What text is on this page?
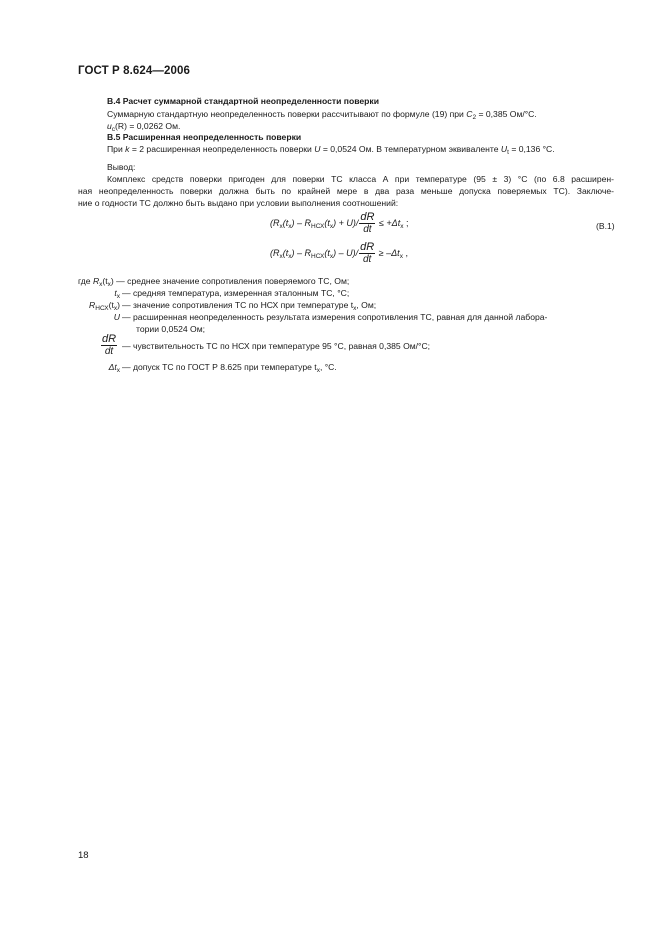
ГОСТ Р 8.624—2006
В.4 Расчет суммарной стандартной неопределенности поверки
Суммарную стандартную неопределенность поверки рассчитывают по формуле (19) при $C_2 = 0,385$ Ом/°С.
$u_c(R) = 0,0262$ Ом.
В.5 Расширенная неопределенность поверки
При k = 2 расширенная неопределенность поверки U = 0,0524 Ом. В температурном эквиваленте $U_t = 0,136$ °С.
Вывод:
Комплекс средств поверки пригоден для поверки ТС класса А при температуре (95 ± 3) °С (по 6.8 расширен-
ная неопределенность поверки должна быть по крайней мере в два раза меньше допуска поверяемых ТС). Заключе-
ние о годности ТС должно быть выдано при условии выполнения соотношений:
$(R_x(t_x) - R_{НСХ}(t_x) + U)/ \frac{dR}{dt} \le +\Delta t_x$ ;	(В.1)
$(R_x(t_x) - R_{НСХ}(t_x) - U)/ \frac{dR}{dt} \ge -\Delta t_x$ ,
где $R_x(t_x)$ — среднее значение сопротивления поверяемого ТС, Ом;
$t_x$ — средняя температура, измеренная эталонным ТС, °С;
$R_{НСХ}(t_x)$ — значение сопротивления ТС по НСХ при температуре $t_x$, Ом;
U — расширенная неопределенность результата измерения сопротивления ТС, равная для данной лабора-
тории 0,0524 Ом;
$\frac{dR}{dt}$ — чувствительность ТС по НСХ при температуре 95 °С, равная 0,385 Ом/°С;
$\Delta t_x$ — допуск ТС по ГОСТ Р 8.625 при температуре $t_x$, °С.
18
